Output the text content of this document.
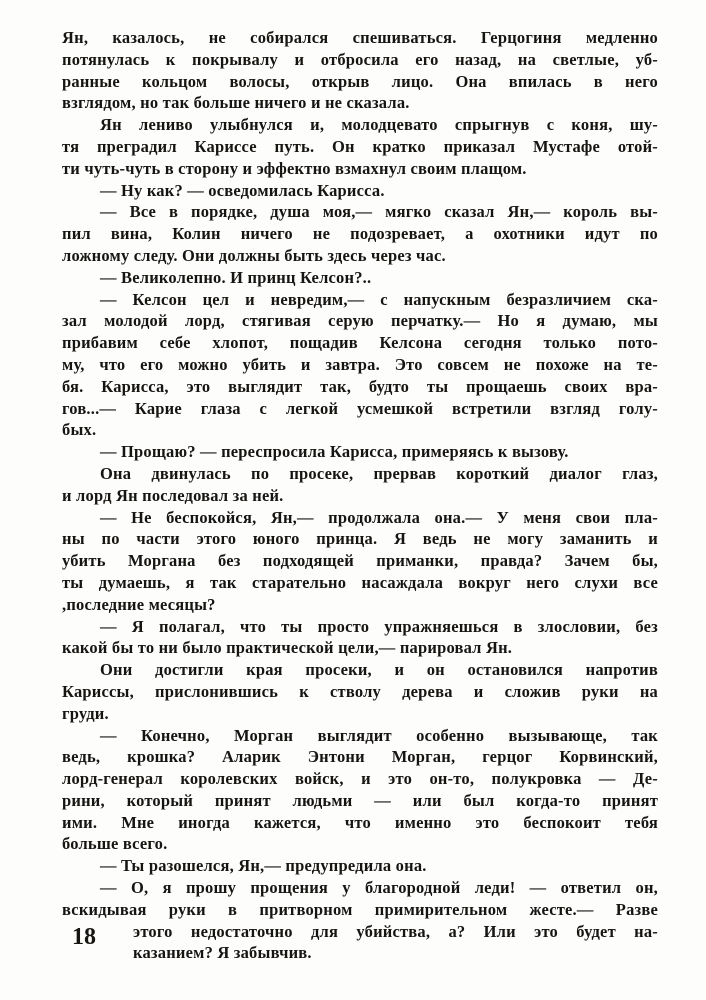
Ян, казалось, не собирался спешиваться. Герцогиня медленно
потянулась к покрывалу и отбросила его назад, на светлые, уб-
ранные кольцом волосы, открыв лицо. Она впилась в него
взглядом, но так больше ничего и не сказала.
Ян лениво улыбнулся и, молодцевато спрыгнув с коня, шу-
тя преградил Кариссе путь. Он кратко приказал Мустафе отой-
ти чуть-чуть в сторону и эффектно взмахнул своим плащом.
— Ну как? — осведомилась Карисса.
— Все в порядке, душа моя,— мягко сказал Ян,— король вы-
пил вина, Колин ничего не подозревает, а охотники идут по
ложному следу. Они должны быть здесь через час.
— Великолепно. И принц Келсон?..
— Келсон цел и невредим,— с напускным безразличием ска-
зал молодой лорд, стягивая серую перчатку.— Но я думаю, мы
прибавим себе хлопот, пощадив Келсона сегодня только пото-
му, что его можно убить и завтра. Это совсем не похоже на те-
бя. Карисса, это выглядит так, будто ты прощаешь своих вра-
гов...— Карие глаза с легкой усмешкой встретили взгляд голу-
бых.
— Прощаю? — переспросила Карисса, примеряясь к вызову.
Она двинулась по просеке, прервав короткий диалог глаз,
и лорд Ян последовал за ней.
— Не беспокойся, Ян,— продолжала она.— У меня свои пла-
ны по части этого юного принца. Я ведь не могу заманить и
убить Моргана без подходящей приманки, правда? Зачем бы,
ты думаешь, я так старательно насаждала вокруг него слухи все
,последние месяцы?
— Я полагал, что ты просто упражняешься в злословии, без
какой бы то ни было практической цели,— парировал Ян.
Они достигли края просеки, и он остановился напротив
Кариссы, прислонившись к стволу дерева и сложив руки на
груди.
— Конечно, Морган выглядит особенно вызывающе, так
ведь, крошка? Аларик Энтони Морган, герцог Корвинский,
лорд-генерал королевских войск, и это он-то, полукровка — Де-
рини, который принят людьми — или был когда-то принят
ими. Мне иногда кажется, что именно это беспокоит тебя
больше всего.
— Ты разошелся, Ян,— предупредила она.
— О, я прошу прощения у благородной леди! — ответил он,
вскидывая руки в притворном примирительном жесте.— Разве
этого недостаточно для убийства, а? Или это будет на-
казанием? Я забывчив.
18
